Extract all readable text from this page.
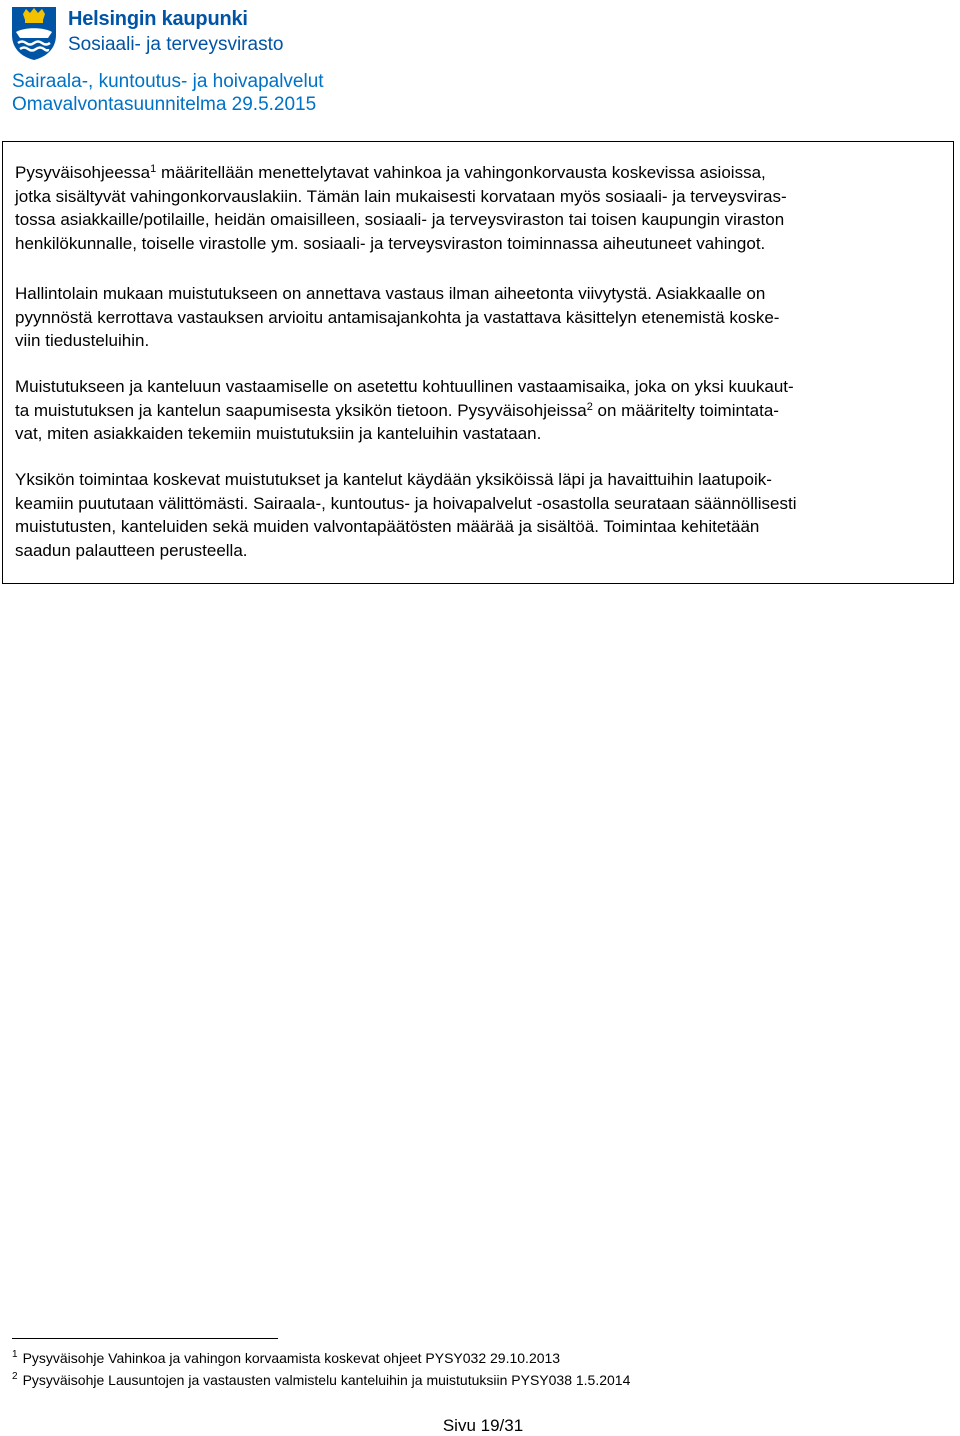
Helsingin kaupunki
Sosiaali- ja terveysvirasto
Sairaala-, kuntoutus- ja hoivapalvelut
Omavalvontasuunnitelma 29.5.2015

Pysyväisohjeessa$^1$ määritellään menettelytavat vahinkoa ja vahingonkorvausta koskevissa asioissa,
jotka sisältyvät vahingonkorvauslakiin. Tämän lain mukaisesti korvataan myös sosiaali- ja terveysviras-
tossa asiakkaille/potilaille, heidän omaisilleen, sosiaali- ja terveysviraston tai toisen kaupungin viraston
henkilökunnalle, toiselle virastolle ym. sosiaali- ja terveysviraston toiminnassa aiheutuneet vahingot.

Hallintolain mukaan muistutukseen on annettava vastaus ilman aiheetonta viivytystä. Asiakkaalle on
pyynnöstä kerrottava vastauksen arvioitu antamisajankohta ja vastattava käsittelyn etenemistä koske-
viin tiedusteluihin.

Muistutukseen ja kanteluun vastaamiselle on asetettu kohtuullinen vastaamisaika, joka on yksi kuukaut-
ta muistutuksen ja kantelun saapumisesta yksikön tietoon. Pysyväisohjeissa$^2$ on määritelty toimintata-
vat, miten asiakkaiden tekemiin muistutuksiin ja kanteluihin vastataan.

Yksikön toimintaa koskevat muistutukset ja kantelut käydään yksiköissä läpi ja havaittuihin laatupoik-
keamiin puututaan välittömästi. Sairaala-, kuntoutus- ja hoivapalvelut -osastolla seurataan säännöllisesti
muistutusten, kanteluiden sekä muiden valvontapäätösten määrää ja sisältöä. Toimintaa kehitetään
saadun palautteen perusteella.

$^1$ Pysyväisohje Vahinkoa ja vahingon korvaamista koskevat ohjeet PYSY032 29.10.2013
$^2$ Pysyväisohje Lausuntojen ja vastausten valmistelu kanteluihin ja muistutuksiin PYSY038 1.5.2014
Sivu 19/31
